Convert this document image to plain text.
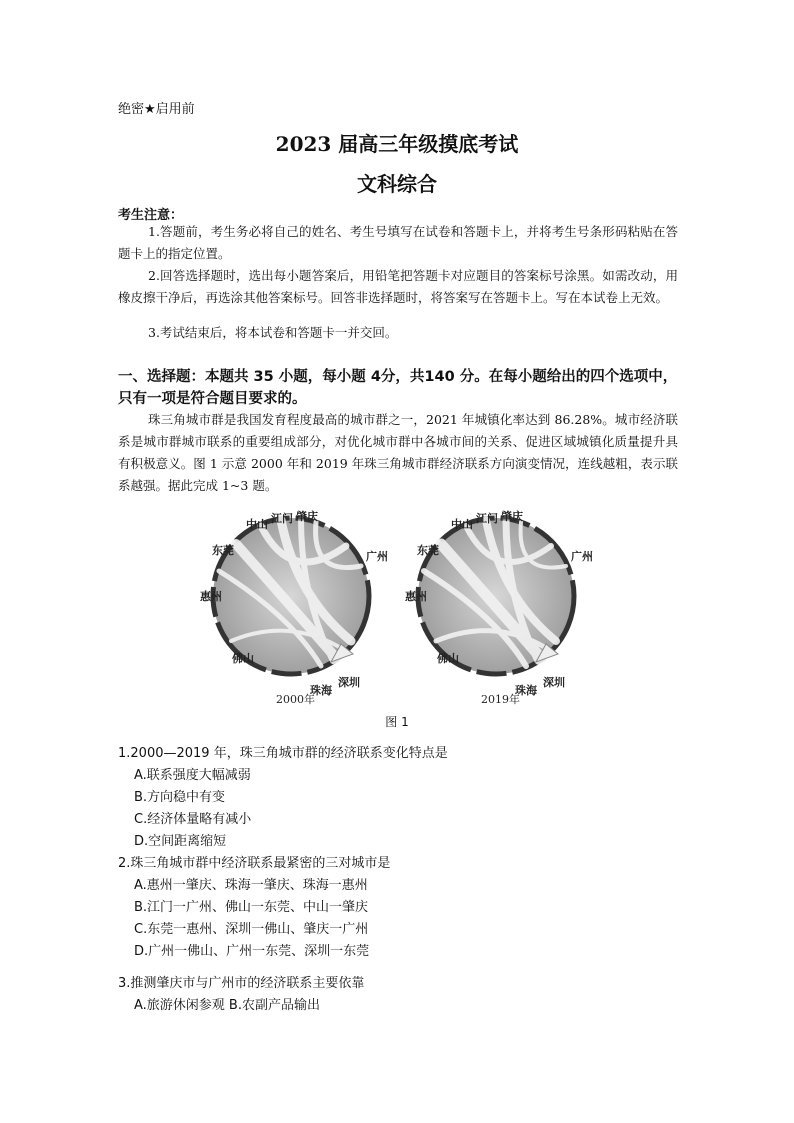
绝密★启用前
2023 届高三年级摸底考试
文科综合
考生注意：
1.答题前，考生务必将自己的姓名、考生号填写在试卷和答题卡上，并将考生号条形码粘贴在答题卡上的指定位置。
2.回答选择题时，选出每小题答案后，用铅笔把答题卡对应题目的答案标号涂黑。如需改动，用橡皮擦干净后，再选涂其他答案标号。回答非选择题时，将答案写在答题卡上。写在本试卷上无效。
3.考试结束后，将本试卷和答题卡一并交回。
一、选择题：本题共 35 小题，每小题 4分，共140 分。在每小题给出的四个选项中，只有一项是符合题目要求的。
珠三角城市群是我国发育程度最高的城市群之一，2021 年城镇化率达到 86.28%。城市经济联系是城市群城市联系的重要组成部分，对优化城市群中各城市间的关系、促进区域城镇化质量提升具有积极意义。图 1 示意 2000 年和 2019 年珠三角城市群经济联系方向演变情况，连线越粗，表示联系越强。据此完成 1~3 题。
中山 江门 肇庆
广州
深圳
珠海
佛山
惠州
东莞
2000年
中山 江门 肇庆
广州
深圳
珠海
佛山
惠州
东莞
2019年
图 1
1.2000—2019 年，珠三角城市群的经济联系变化特点是
A.联系强度大幅减弱
B.方向稳中有变
C.经济体量略有减小
D.空间距离缩短
2.珠三角城市群中经济联系最紧密的三对城市是
A.惠州一肇庆、珠海一肇庆、珠海一惠州
B.江门一广州、佛山一东莞、中山一肇庆
C.东莞一惠州、深圳一佛山、肇庆一广州
D.广州一佛山、广州一东莞、深圳一东莞
3.推测肇庆市与广州市的经济联系主要依靠
A.旅游休闲参观 B.农副产品输出
